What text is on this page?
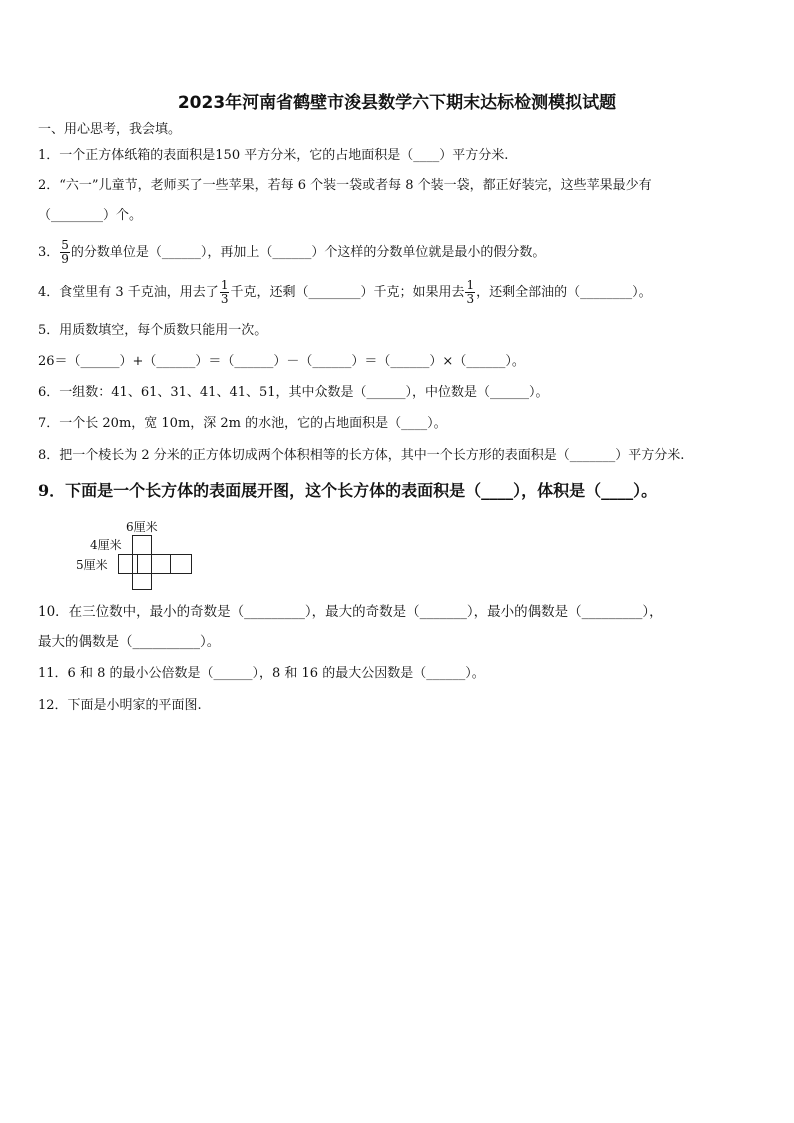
2023年河南省鹤壁市浚县数学六下期末达标检测模拟试题
一、用心思考，我会填。
1．一个正方体纸箱的表面积是150 平方分米，它的占地面积是（____）平方分米.
2．“六一”儿童节，老师买了一些苹果，若每 6 个装一袋或者每 8 个装一袋，都正好装完，这些苹果最少有
（________）个。
3． $\frac{5}{9}$ 的分数单位是（______），再加上（______）个这样的分数单位就是最小的假分数。
4．食堂里有 3 千克油，用去了 $\frac{1}{3}$ 千克，还剩（________）千克；如果用去 $\frac{1}{3}$ ，还剩全部油的（________）。
5．用质数填空，每个质数只能用一次。
26＝（______）+（______）＝（______）－（______）＝（______）×（______）。
6．一组数：41、61、31、41、41、51，其中众数是（______），中位数是（______）。
7．一个长 20m，宽 10m，深 2m 的水池，它的占地面积是（____）。
8．把一个棱长为 2 分米的正方体切成两个体积相等的长方体，其中一个长方形的表面积是（_______）平方分米.
9．下面是一个长方体的表面展开图，这个长方体的表面积是（____），体积是（____）。
6厘米
4厘米
5厘米
10．在三位数中，最小的奇数是（_________），最大的奇数是（_______），最小的偶数是（_________），
最大的偶数是（__________）。
11．6 和 8 的最小公倍数是（______），8 和 16 的最大公因数是（______）。
12．下面是小明家的平面图.
